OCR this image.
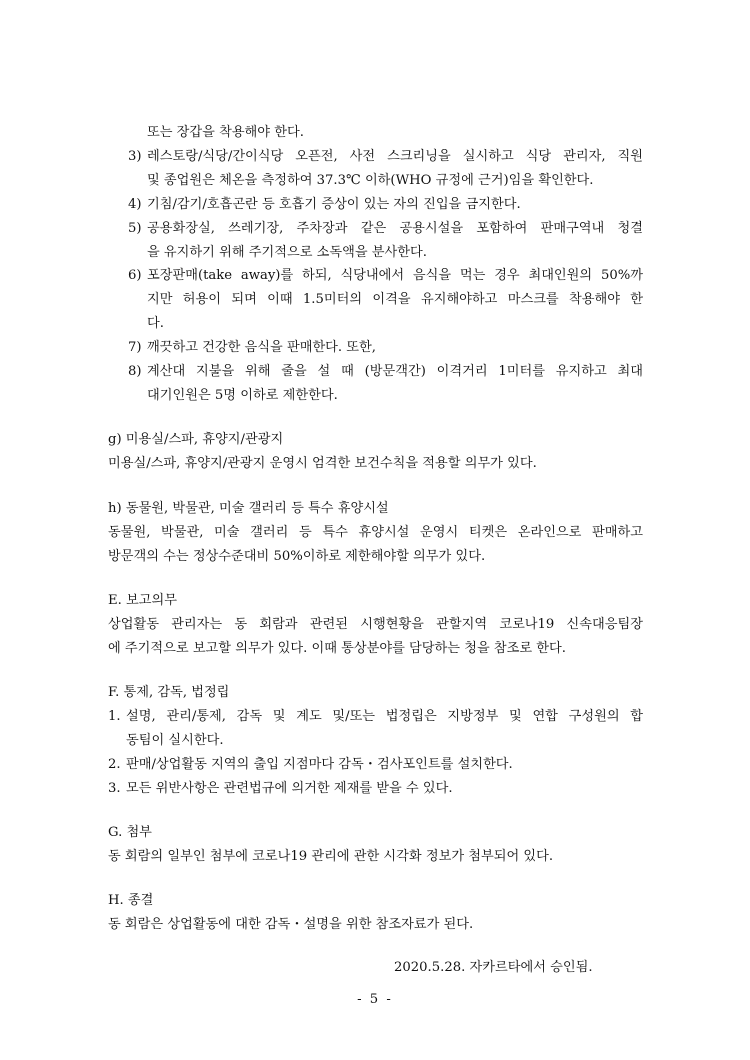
또는 장갑을 착용해야 한다.
3) 레스토랑/식당/간이식당 오픈전, 사전 스크리닝을 실시하고 식당 관리자, 직원
및 종업원은 체온을 측정하여 37.3℃ 이하(WHO 규정에 근거)임을 확인한다.
4) 기침/감기/호흡곤란 등 호흡기 증상이 있는 자의 진입을 금지한다.
5) 공용화장실, 쓰레기장, 주차장과 같은 공용시설을 포함하여 판매구역내 청결
을 유지하기 위해 주기적으로 소독액을 분사한다.
6) 포장판매(take away)를 하되, 식당내에서 음식을 먹는 경우 최대인원의 50%까
지만 허용이 되며 이때 1.5미터의 이격을 유지해야하고 마스크를 착용해야 한
다.
7) 깨끗하고 건강한 음식을 판매한다. 또한,
8) 계산대 지불을 위해 줄을 설 때 (방문객간) 이격거리 1미터를 유지하고 최대
대기인원은 5명 이하로 제한한다.
g) 미용실/스파, 휴양지/관광지
미용실/스파, 휴양지/관광지 운영시 엄격한 보건수칙을 적용할 의무가 있다.
h) 동물원, 박물관, 미술 갤러리 등 특수 휴양시설
동물원, 박물관, 미술 갤러리 등 특수 휴양시설 운영시 티켓은 온라인으로 판매하고
방문객의 수는 정상수준대비 50%이하로 제한해야할 의무가 있다.
E. 보고의무
상업활동 관리자는 동 회람과 관련된 시행현황을 관할지역 코로나19 신속대응팀장
에 주기적으로 보고할 의무가 있다. 이때 통상분야를 담당하는 청을 참조로 한다.
F. 통제, 감독, 법정립
1. 설명, 관리/통제, 감독 및 계도 및/또는 법정립은 지방정부 및 연합 구성원의 합
동팀이 실시한다.
2. 판매/상업활동 지역의 출입 지점마다 감독・검사포인트를 설치한다.
3. 모든 위반사항은 관련법규에 의거한 제재를 받을 수 있다.
G. 첨부
동 회람의 일부인 첨부에 코로나19 관리에 관한 시각화 정보가 첨부되어 있다.
H. 종결
동 회람은 상업활동에 대한 감독・설명을 위한 참조자료가 된다.
2020.5.28. 자카르타에서 승인됨.
- 5 -
